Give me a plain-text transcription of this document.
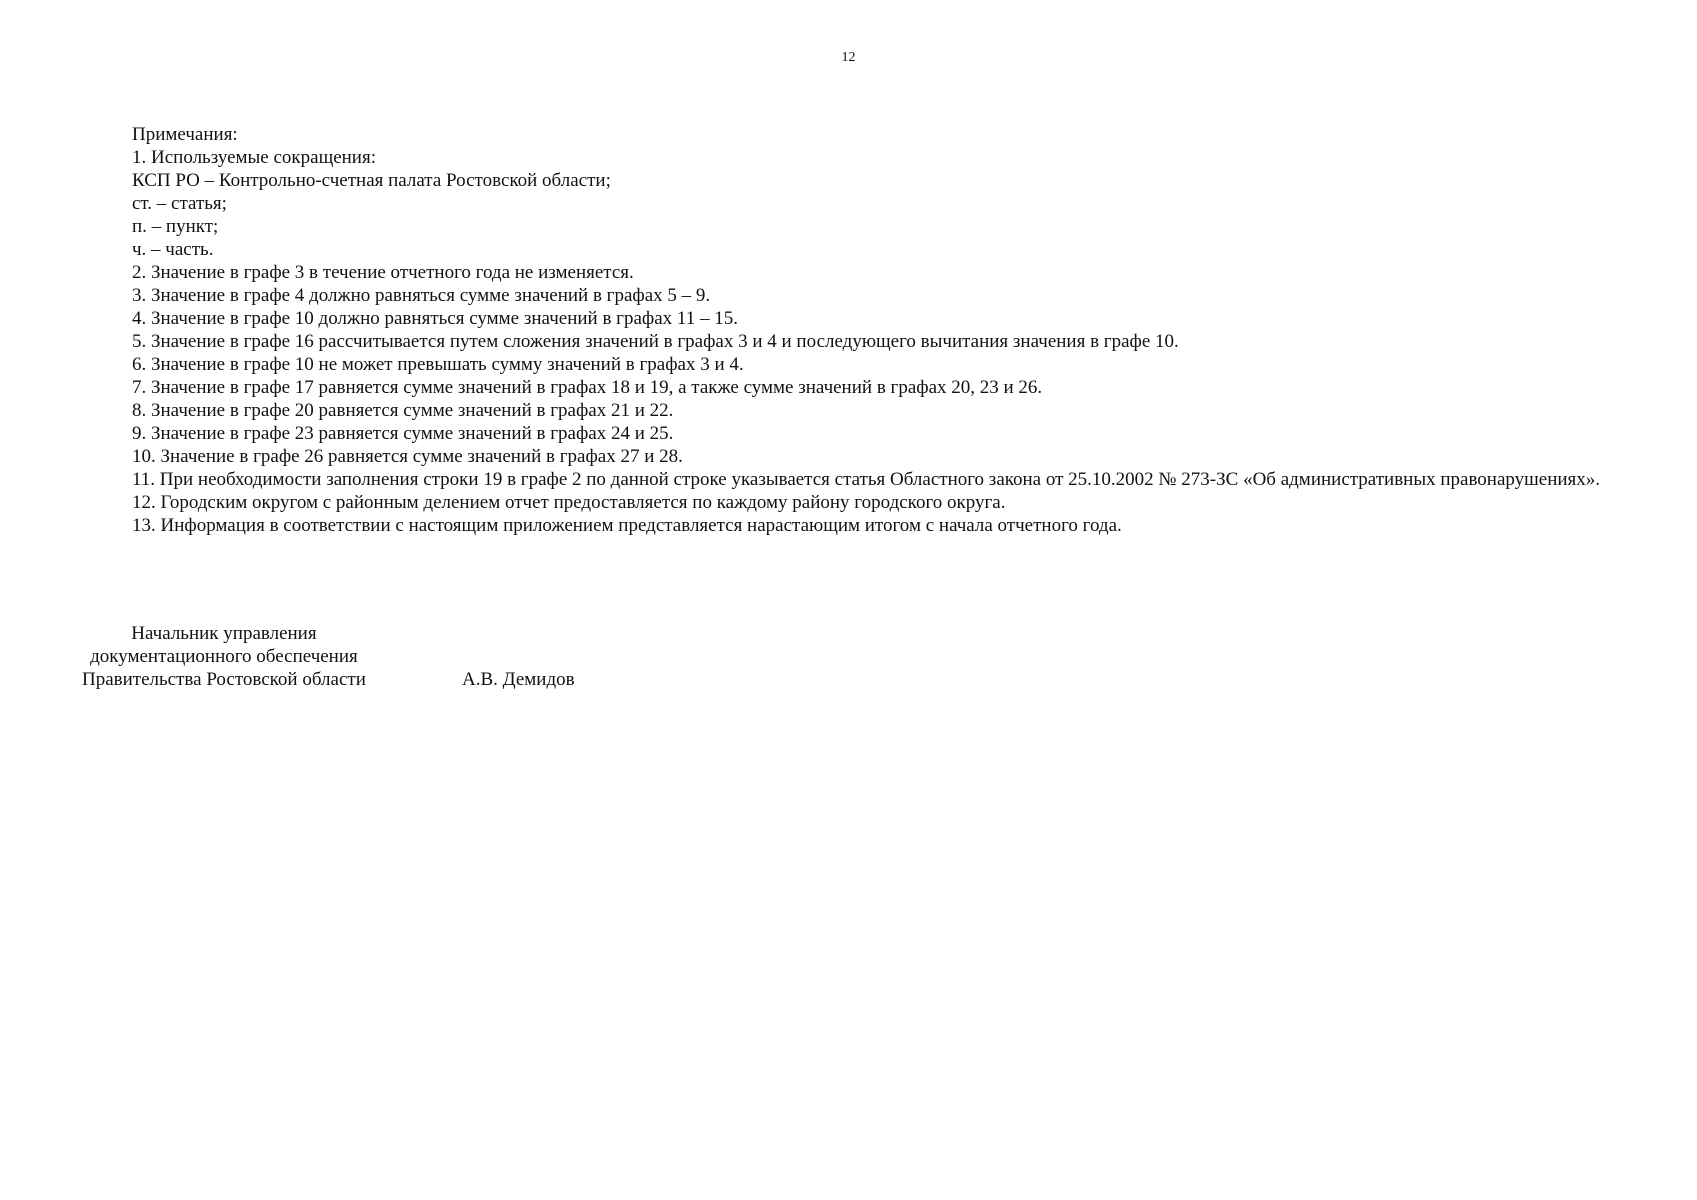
12
Примечания:
1. Используемые сокращения:
КСП РО – Контрольно-счетная палата Ростовской области;
ст. – статья;
п. – пункт;
ч. – часть.
2. Значение в графе 3 в течение отчетного года не изменяется.
3. Значение в графе 4 должно равняться сумме значений в графах 5 – 9.
4. Значение в графе 10 должно равняться сумме значений в графах 11 – 15.
5. Значение в графе 16 рассчитывается путем сложения значений в графах 3 и 4 и последующего вычитания значения в графе 10.
6. Значение в графе 10 не может превышать сумму значений в графах 3 и 4.
7. Значение в графе 17 равняется сумме значений в графах 18 и 19, а также сумме значений в графах 20, 23 и 26.
8. Значение в графе 20 равняется сумме значений в графах 21 и 22.
9. Значение в графе 23 равняется сумме значений в графах 24 и 25.
10. Значение в графе 26 равняется сумме значений в графах 27 и 28.
11. При необходимости заполнения строки 19 в графе 2 по данной строке указывается статья Областного закона от 25.10.2002 № 273-ЗС «Об административных правонарушениях».
12. Городским округом с районным делением отчет предоставляется по каждому району городского округа.
13. Информация в соответствии с настоящим приложением представляется нарастающим итогом с начала отчетного года.
Начальник управления
документационного обеспечения
Правительства Ростовской области	А.В. Демидов
